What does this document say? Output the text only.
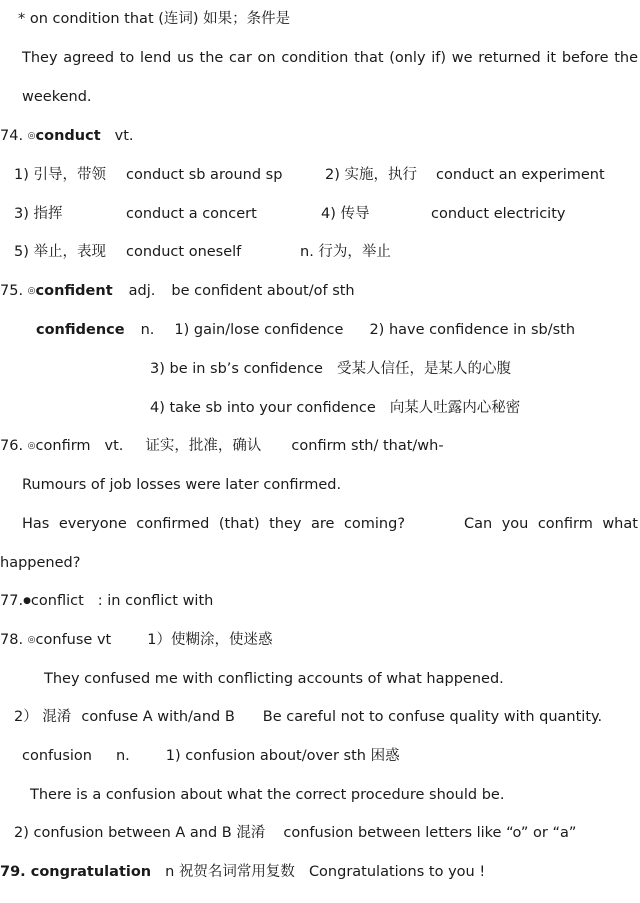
* on condition that (连词) 如果；条件是
They agreed to lend us the car on condition that (only if) we returned it before the
weekend.
74. ◎conduct vt.
1) 引导，带领 conduct sb around sp	2) 实施，执行 conduct an experiment
3) 指挥	conduct a concert	4) 传导	conduct electricity
5) 举止，表现 conduct oneself	n. 行为，举止
75. ◎confident adj. be confident about/of sth
confidence n. 1) gain/lose confidence 2) have confidence in sb/sth
3) be in sb’s confidence 受某人信任，是某人的心腹
4) take sb into your confidence 向某人吐露内心秘密
76. ◎confirm vt. 证实，批准，确认 confirm sth/ that/wh-
Rumours of job losses were later confirmed.
Has everyone confirmed (that) they are coming?	Can you confirm what
happened?
77.●conflict : in conflict with
78. ◎confuse vt 1）使糊涂，使迷惑
They confused me with conflicting accounts of what happened.
2） 混淆 confuse A with/and B Be careful not to confuse quality with quantity.
confusion n. 1) confusion about/over sth 困惑
There is a confusion about what the correct procedure should be.
2) confusion between A and B 混淆 confusion between letters like “o” or “a”
79. congratulation n 祝贺名词常用复数 Congratulations to you !
